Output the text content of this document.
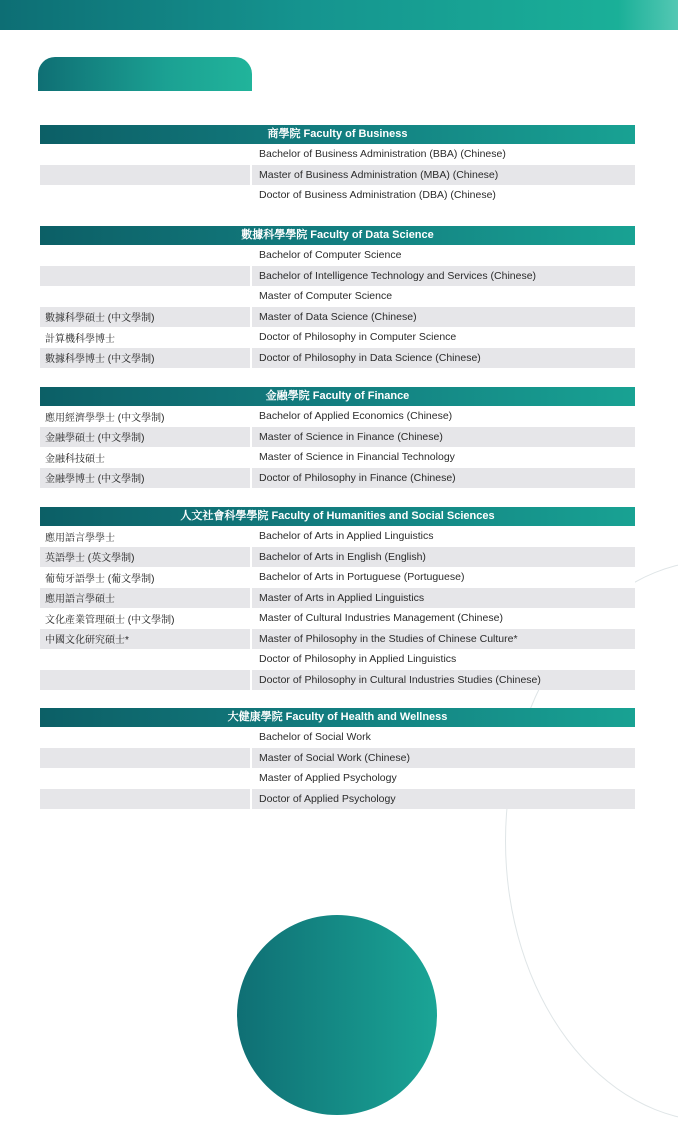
商學院 Faculty of Business
Bachelor of Business Administration (BBA) (Chinese)
Master of Business Administration (MBA) (Chinese)
Doctor of Business Administration (DBA) (Chinese)
數據科學學院 Faculty of Data Science
Bachelor of Computer Science
Bachelor of Intelligence Technology and Services (Chinese)
Master of Computer Science
數據科學碩士 (中文學制)	Master of Data Science (Chinese)
計算機科學博士	Doctor of Philosophy in Computer Science
數據科學博士 (中文學制)	Doctor of Philosophy in Data Science (Chinese)
金融學院 Faculty of Finance
應用經濟學學士 (中文學制)	Bachelor of Applied Economics (Chinese)
金融學碩士 (中文學制)	Master of Science in Finance (Chinese)
金融科技碩士	Master of Science in Financial Technology
金融學博士 (中文學制)	Doctor of Philosophy in Finance (Chinese)
人文社會科學學院 Faculty of Humanities and Social Sciences
應用語言學學士	Bachelor of Arts in Applied Linguistics
英語學士 (英文學制)	Bachelor of Arts in English (English)
葡萄牙語學士 (葡文學制)	Bachelor of Arts in Portuguese (Portuguese)
應用語言學碩士	Master of Arts in Applied Linguistics
文化產業管理碩士 (中文學制)	Master of Cultural Industries Management (Chinese)
中國文化研究碩士*	Master of Philosophy in the Studies of Chinese Culture*
Doctor of Philosophy in Applied Linguistics
Doctor of Philosophy in Cultural Industries Studies (Chinese)
大健康學院 Faculty of Health and Wellness
Bachelor of Social Work
Master of Social Work (Chinese)
Master of Applied Psychology
Doctor of Applied Psychology
